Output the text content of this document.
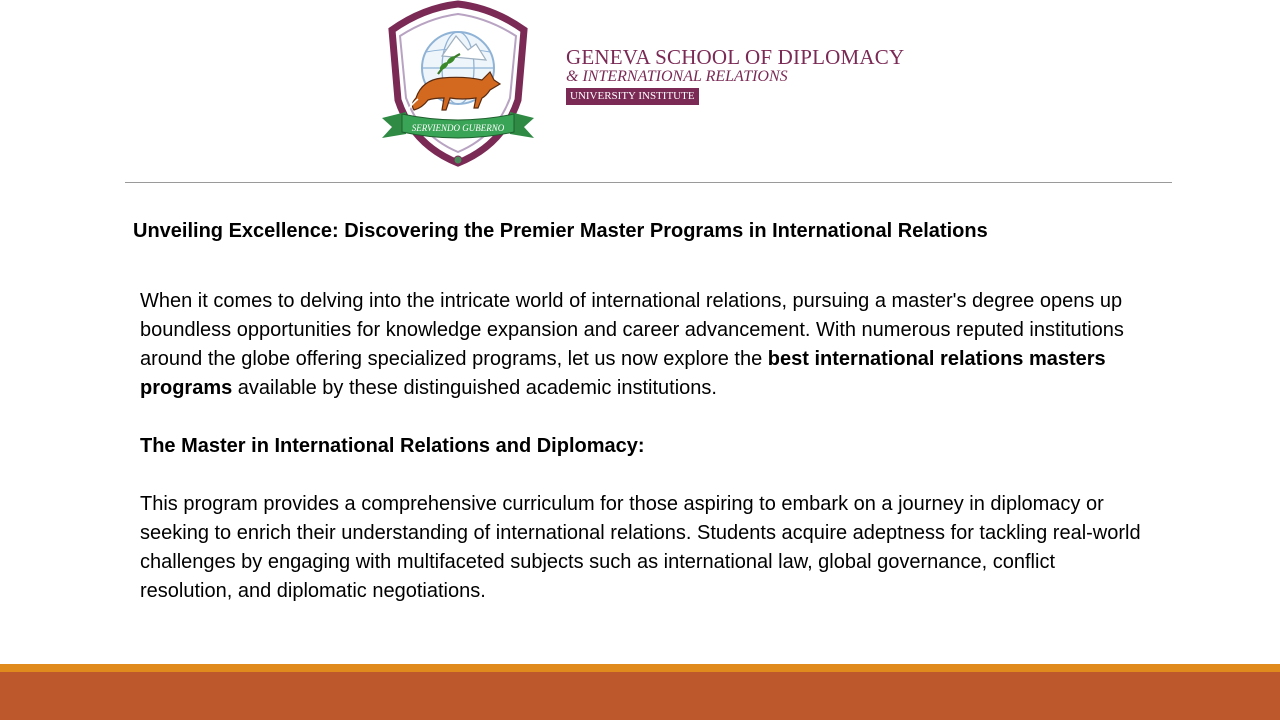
SERVIENDO GUBERNO
GENEVA SCHOOL OF DIPLOMACY
& INTERNATIONAL RELATIONS
UNIVERSITY INSTITUTE
Unveiling Excellence: Discovering the Premier Master Programs in International Relations

When it comes to delving into the intricate world of international relations, pursuing a master's degree opens up boundless opportunities for knowledge expansion and career advancement. With numerous reputed institutions around the globe offering specialized programs, let us now explore the best international relations masters programs available by these distinguished academic institutions.

The Master in International Relations and Diplomacy:

This program provides a comprehensive curriculum for those aspiring to embark on a journey in diplomacy or seeking to enrich their understanding of international relations. Students acquire adeptness for tackling real-world challenges by engaging with multifaceted subjects such as international law, global governance, conflict resolution, and diplomatic negotiations.
